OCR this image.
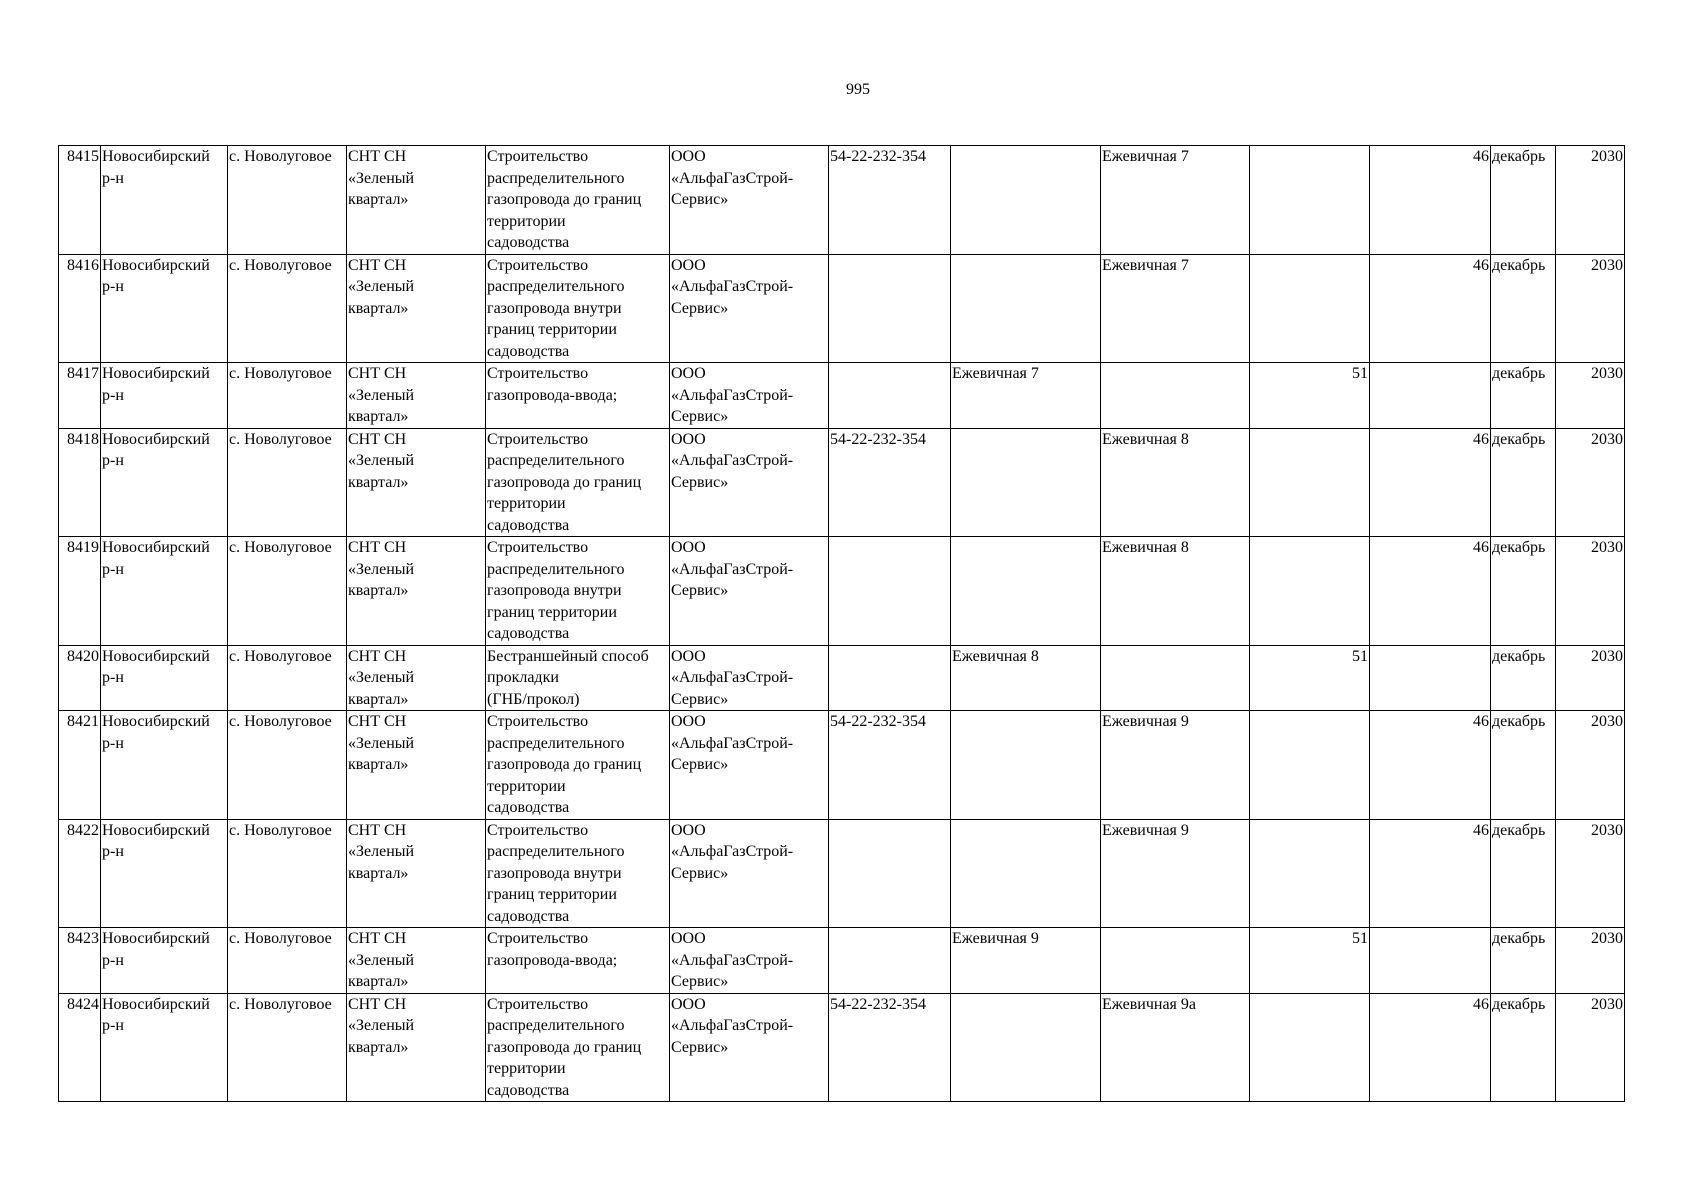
995
8415	Новосибирский
р-н	с. Новолуговое	СНТ СН
«Зеленый
квартал»	Строительство
распределительного
газопровода до границ
территории
садоводства	ООО
«АльфаГазСтрой-
Сервис»	54-22-232-354		Ежевичная 7		46	декабрь	2030
8416	Новосибирский
р-н	с. Новолуговое	СНТ СН
«Зеленый
квартал»	Строительство
распределительного
газопровода внутри
границ территории
садоводства	ООО
«АльфаГазСтрой-
Сервис»			Ежевичная 7		46	декабрь	2030
8417	Новосибирский
р-н	с. Новолуговое	СНТ СН
«Зеленый
квартал»	Строительство
газопровода-ввода;	ООО
«АльфаГазСтрой-
Сервис»		Ежевичная 7		51		декабрь	2030
8418	Новосибирский
р-н	с. Новолуговое	СНТ СН
«Зеленый
квартал»	Строительство
распределительного
газопровода до границ
территории
садоводства	ООО
«АльфаГазСтрой-
Сервис»	54-22-232-354		Ежевичная 8		46	декабрь	2030
8419	Новосибирский
р-н	с. Новолуговое	СНТ СН
«Зеленый
квартал»	Строительство
распределительного
газопровода внутри
границ территории
садоводства	ООО
«АльфаГазСтрой-
Сервис»			Ежевичная 8		46	декабрь	2030
8420	Новосибирский
р-н	с. Новолуговое	СНТ СН
«Зеленый
квартал»	Бестраншейный способ
прокладки
(ГНБ/прокол)	ООО
«АльфаГазСтрой-
Сервис»		Ежевичная 8		51		декабрь	2030
8421	Новосибирский
р-н	с. Новолуговое	СНТ СН
«Зеленый
квартал»	Строительство
распределительного
газопровода до границ
территории
садоводства	ООО
«АльфаГазСтрой-
Сервис»	54-22-232-354		Ежевичная 9		46	декабрь	2030
8422	Новосибирский
р-н	с. Новолуговое	СНТ СН
«Зеленый
квартал»	Строительство
распределительного
газопровода внутри
границ территории
садоводства	ООО
«АльфаГазСтрой-
Сервис»			Ежевичная 9		46	декабрь	2030
8423	Новосибирский
р-н	с. Новолуговое	СНТ СН
«Зеленый
квартал»	Строительство
газопровода-ввода;	ООО
«АльфаГазСтрой-
Сервис»		Ежевичная 9		51		декабрь	2030
8424	Новосибирский
р-н	с. Новолуговое	СНТ СН
«Зеленый
квартал»	Строительство
распределительного
газопровода до границ
территории
садоводства	ООО
«АльфаГазСтрой-
Сервис»	54-22-232-354		Ежевичная 9а		46	декабрь	2030
